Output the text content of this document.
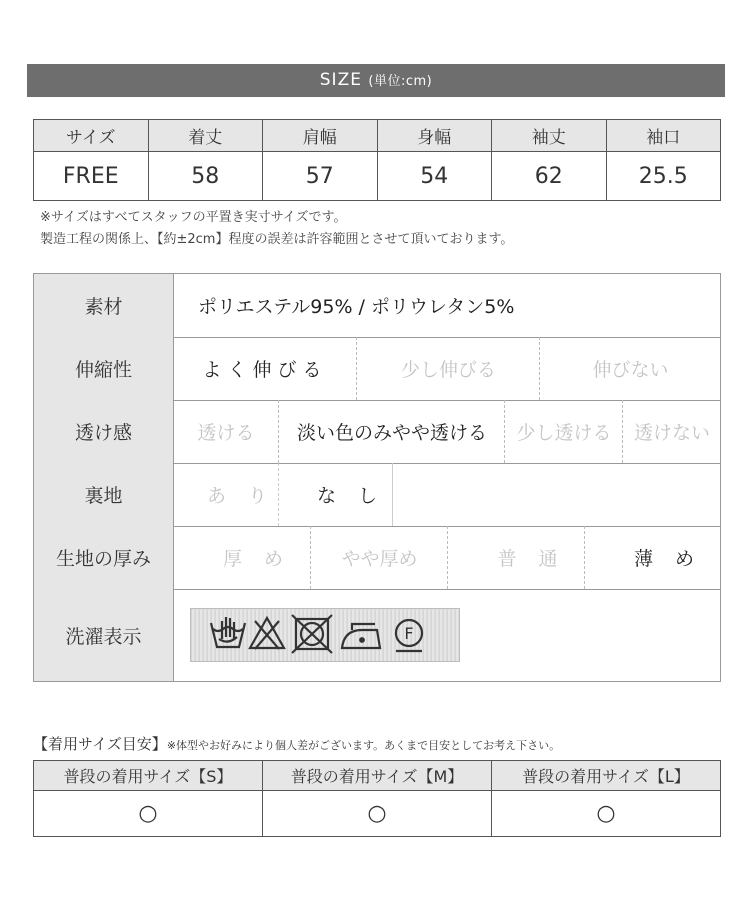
SIZE (単位:cm)
サイズ	着丈	肩幅	身幅	袖丈	袖口
FREE	58	57	54	62	25.5
※サイズはすべてスタッフの平置き実寸サイズです。
製造工程の関係上、【約±2cm】程度の誤差は許容範囲とさせて頂いております。
素材	ポリエステル95% / ポリウレタン5%
伸縮性	よく伸びる	少し伸びる	伸びない
透け感	透ける	淡い色のみやや透ける	少し透ける	透けない
裏地	あり	なし
生地の厚み	厚め	やや厚め	普通	薄め
洗濯表示	F
【着用サイズ目安】※体型やお好みにより個人差がございます。あくまで目安としてお考え下さい。
普段の着用サイズ【S】	普段の着用サイズ【M】	普段の着用サイズ【L】
○	○	○
